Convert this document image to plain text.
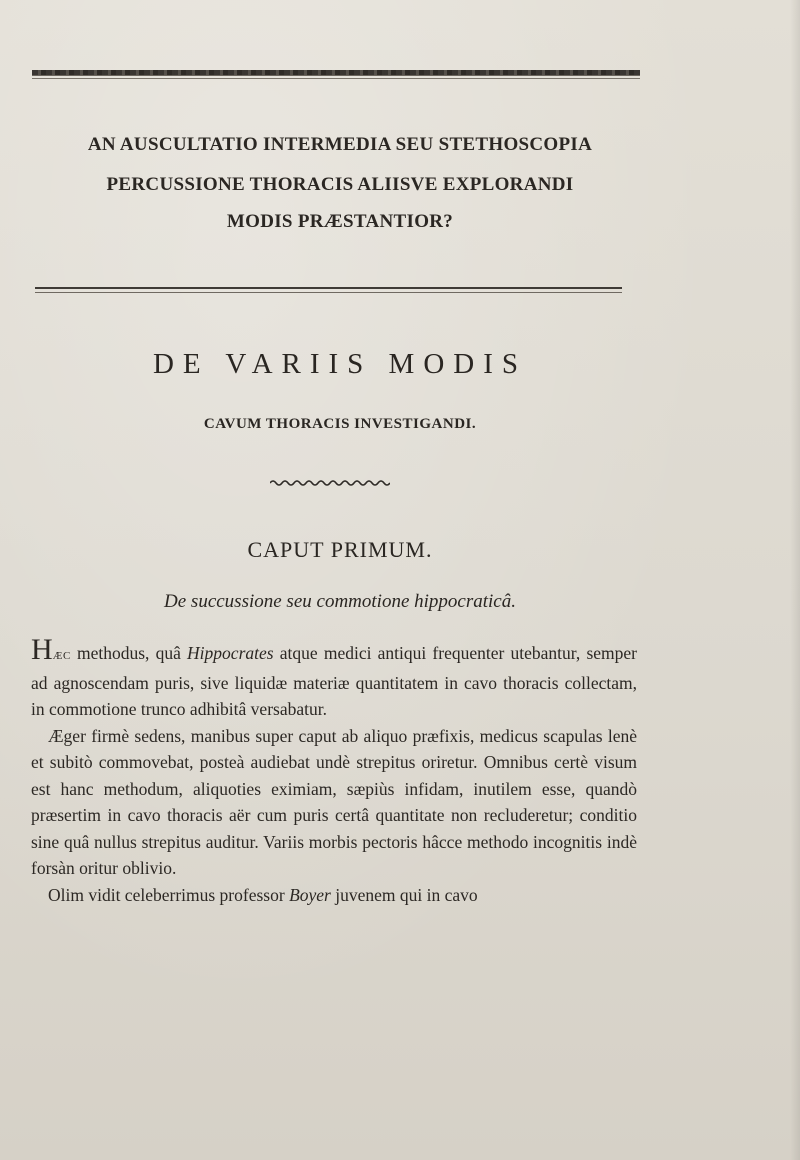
AN AUSCULTATIO INTERMEDIA SEU STETHOSCOPIA
PERCUSSIONE THORACIS ALIISVE EXPLORANDI
MODIS PRÆSTANTIOR?
DE VARIIS MODIS
CAVUM THORACIS INVESTIGANDI.
CAPUT PRIMUM.
De succussione seu commotione hippocraticâ.

HÆC methodus, quâ Hippocrates atque medici antiqui frequenter utebantur, semper ad agnoscendam puris, sive liquidæ materiæ quantitatem in cavo thoracis collectam, in commotione trunco adhibitâ versabatur.

Æger firmè sedens, manibus super caput ab aliquo præfixis, medicus scapulas lenè et subitò commovebat, posteà audiebat undè strepitus oriretur. Omnibus certè visum est hanc methodum, aliquoties eximiam, sæpiùs infidam, inutilem esse, quandò præsertim in cavo thoracis aër cum puris certâ quantitate non recluderetur; conditio sine quâ nullus strepitus auditur. Variis morbis pectoris hâcce methodo incognitis indè forsàn oritur oblivio.

Olim vidit celeberrimus professor Boyer juvenem qui in cavo
